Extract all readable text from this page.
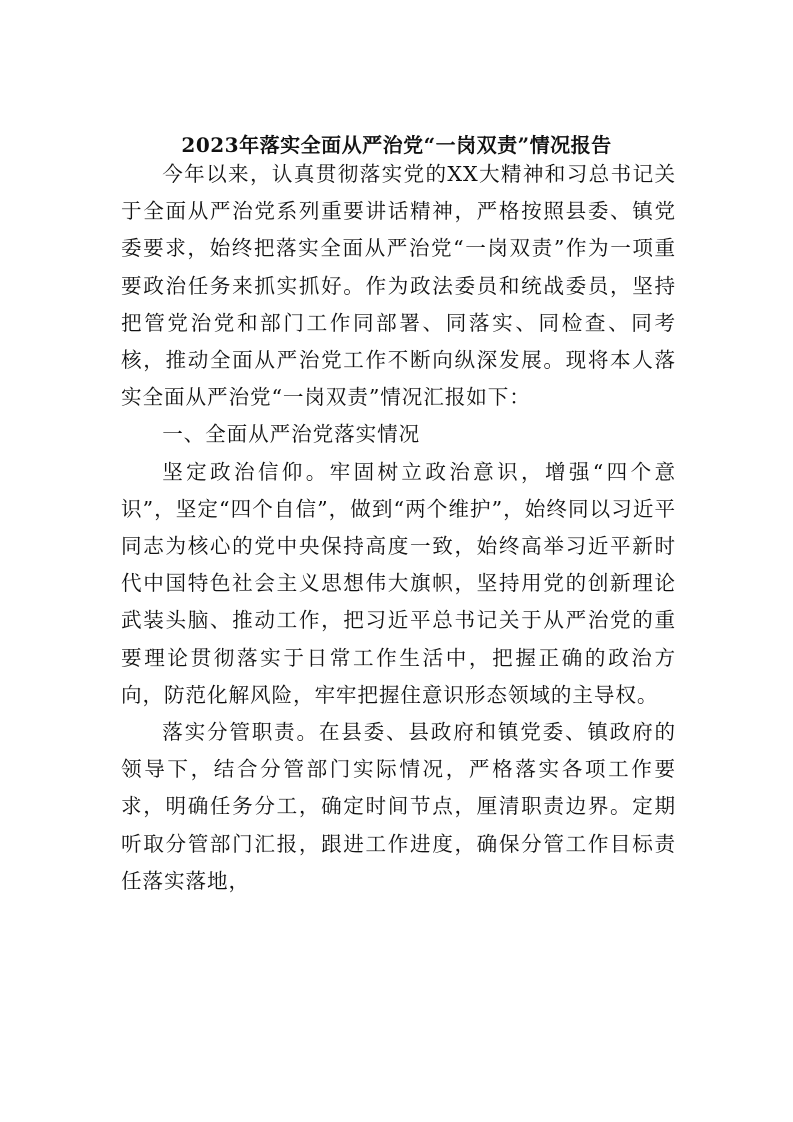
2023年落实全面从严治党“一岗双责”情况报告

今年以来，认真贯彻落实党的XX大精神和习总书记关于全面从严治党系列重要讲话精神，严格按照县委、镇党委要求，始终把落实全面从严治党“一岗双责”作为一项重要政治任务来抓实抓好。作为政法委员和统战委员，坚持把管党治党和部门工作同部署、同落实、同检查、同考核，推动全面从严治党工作不断向纵深发展。现将本人落实全面从严治党“一岗双责”情况汇报如下：

一、全面从严治党落实情况

坚定政治信仰。牢固树立政治意识，增强“四个意识”，坚定“四个自信”，做到“两个维护”，始终同以习近平同志为核心的党中央保持高度一致，始终高举习近平新时代中国特色社会主义思想伟大旗帜，坚持用党的创新理论武装头脑、推动工作，把习近平总书记关于从严治党的重要理论贯彻落实于日常工作生活中，把握正确的政治方向，防范化解风险，牢牢把握住意识形态领域的主导权。

落实分管职责。在县委、县政府和镇党委、镇政府的领导下，结合分管部门实际情况，严格落实各项工作要求，明确任务分工，确定时间节点，厘清职责边界。定期听取分管部门汇报，跟进工作进度，确保分管工作目标责任落实落地，
